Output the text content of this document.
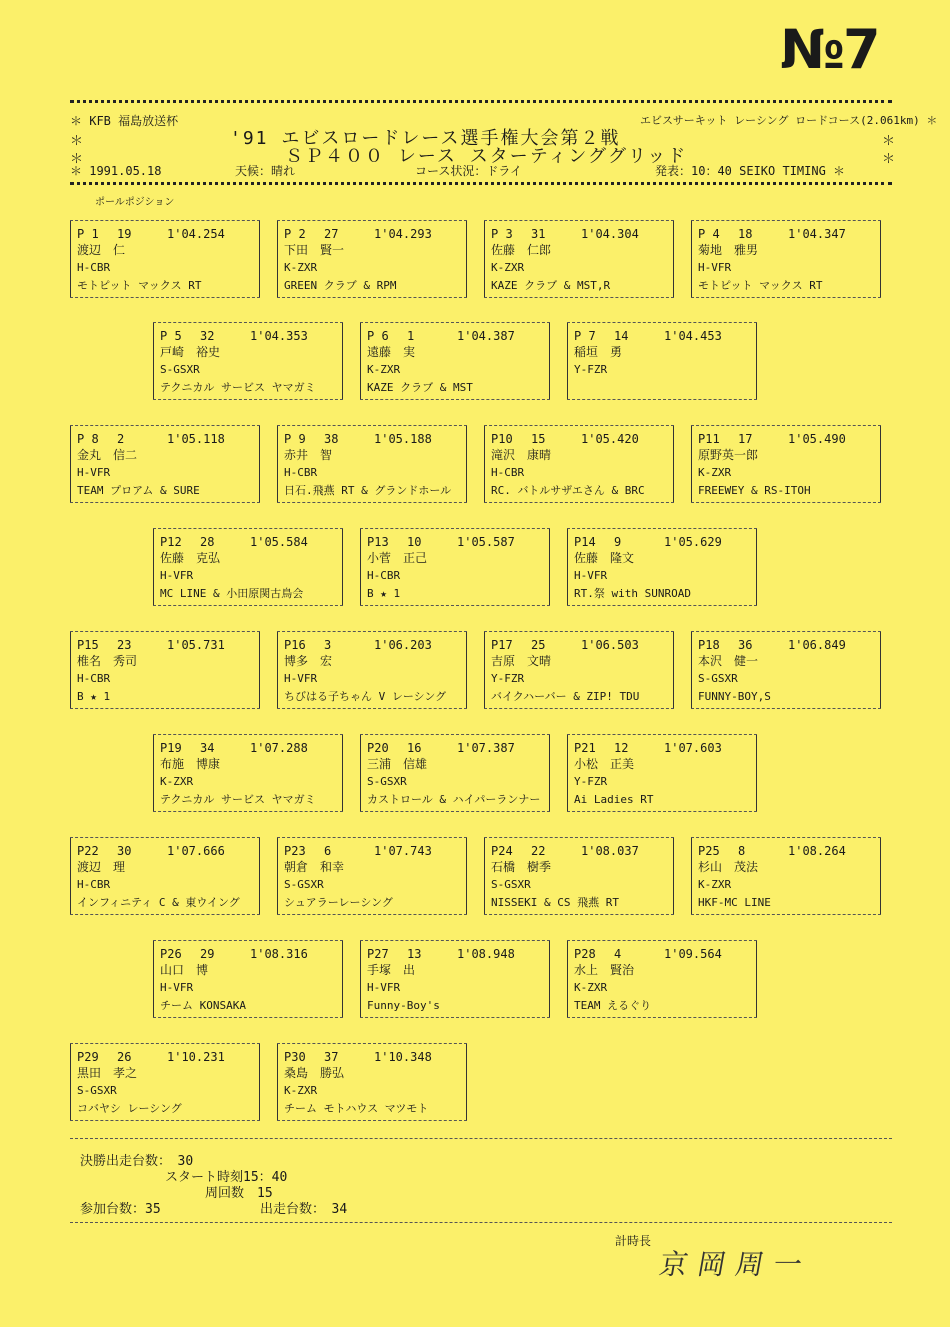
№7
＊ KFB 福島放送杯	エビスサーキット レーシング ロードコース(2.061km) ＊
'91 エビスロードレース選手権大会第２戦
＊	＊
ＳＰ４００ レース スターティンググリッド
＊	＊
＊ 1991.05.18	天候：晴れ	コース状況：ドライ	発表：10：40 SEIKO TIMING ＊
ポールポジション
P 1 19	1'04.254
渡辺　仁
H-CBR
モトピット マックス RT
P 2 27	1'04.293
下田　賢一
K-ZXR
GREEN クラブ & RPM
P 3 31	1'04.304
佐藤　仁郎
K-ZXR
KAZE クラブ & MST,R
P 4 18	1'04.347
菊地　雅男
H-VFR
モトピット マックス RT
P 5 32	1'04.353
戸崎　裕史
S-GSXR
テクニカル サービス ヤマガミ
P 6 1	1'04.387
遠藤　実
K-ZXR
KAZE クラブ & MST
P 7 14	1'04.453
稲垣　勇
Y-FZR
P 8 2	1'05.118
金丸　信二
H-VFR
TEAM プロアム & SURE
P 9 38	1'05.188
赤井　智
H-CBR
日石.飛燕 RT & グランドホール
P10 15	1'05.420
滝沢　康晴
H-CBR
RC. バトルサザエさん & BRC
P11 17	1'05.490
原野英一郎
K-ZXR
FREEWEY & RS-ITOH
P12 28	1'05.584
佐藤　克弘
H-VFR
MC LINE & 小田原関古鳥会
P13 10	1'05.587
小菅　正己
H-CBR
B ★ 1
P14 9	1'05.629
佐藤　隆文
H-VFR
RT.祭 with SUNROAD
P15 23	1'05.731
椎名　秀司
H-CBR
B ★ 1
P16 3	1'06.203
博多　宏
H-VFR
ちびはる子ちゃん V レーシング
P17 25	1'06.503
吉原　文晴
Y-FZR
バイクハーバー & ZIP! TDU
P18 36	1'06.849
本沢　健一
S-GSXR
FUNNY-BOY,S
P19 34	1'07.288
布施　博康
K-ZXR
テクニカル サービス ヤマガミ
P20 16	1'07.387
三浦　信雄
S-GSXR
カストロール & ハイパーランナー
P21 12	1'07.603
小松　正美
Y-FZR
Ai Ladies RT
P22 30	1'07.666
渡辺　理
H-CBR
インフィニティ C & 東ウイング
P23 6	1'07.743
朝倉　和幸
S-GSXR
シュアラーレーシング
P24 22	1'08.037
石橋　樹季
S-GSXR
NISSEKI & CS 飛燕 RT
P25 8	1'08.264
杉山　茂法
K-ZXR
HKF-MC LINE
P26 29	1'08.316
山口　博
H-VFR
チーム KONSAKA
P27 13	1'08.948
手塚　出
H-VFR
Funny-Boy's
P28 4	1'09.564
水上　賢治
K-ZXR
TEAM えるぐり
P29 26	1'10.231
黒田　孝之
S-GSXR
コバヤシ レーシング
P30 37	1'10.348
桑島　勝弘
K-ZXR
チーム モトハウス マツモト
決勝出走台数：　30
スタート時刻15：40
周回数　15
参加台数：35	出走台数：　34
計時長
京岡周一
